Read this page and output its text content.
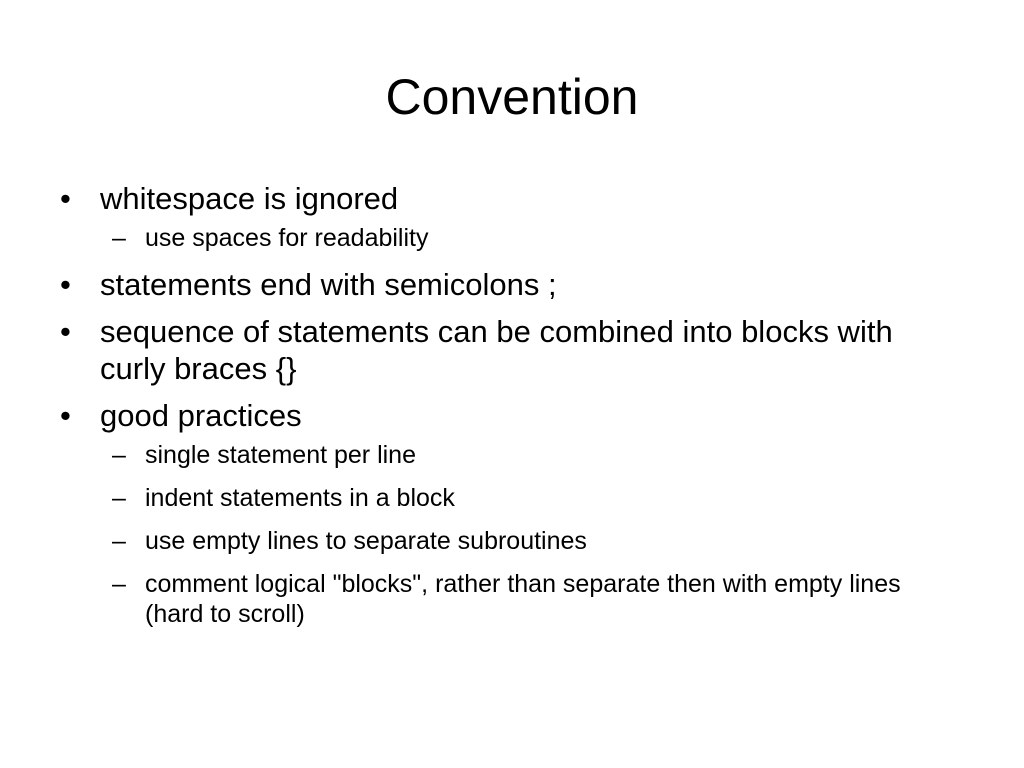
Convention
• whitespace is ignored
– use spaces for readability
• statements end with semicolons ;
• sequence of statements can be combined into blocks with curly braces {}
• good practices
– single statement per line
– indent statements in a block
– use empty lines to separate subroutines
– comment logical "blocks", rather than separate then with empty lines (hard to scroll)
